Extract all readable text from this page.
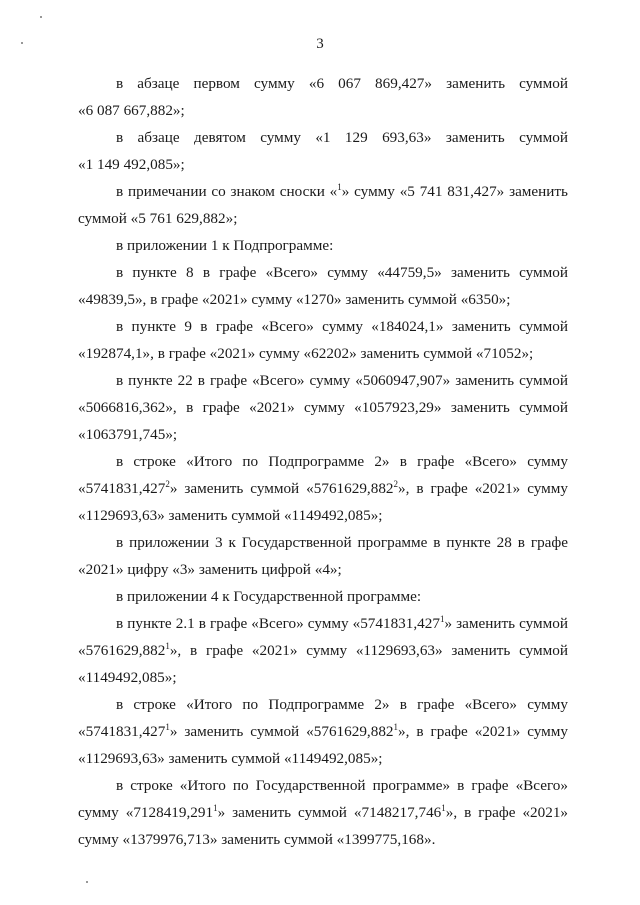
3

в абзаце первом сумму «6 067 869,427» заменить суммой
«6 087 667,882»;

в абзаце девятом сумму «1 129 693,63» заменить суммой
«1 149 492,085»;

в примечании со знаком сноски «$^1$» сумму «5 741 831,427» заменить
суммой «5 761 629,882»;

в приложении 1 к Подпрограмме:

в пункте 8 в графе «Всего» сумму «44759,5» заменить суммой
«49839,5», в графе «2021» сумму «1270» заменить суммой «6350»;

в пункте 9 в графе «Всего» сумму «184024,1» заменить суммой
«192874,1», в графе «2021» сумму «62202» заменить суммой «71052»;

в пункте 22 в графе «Всего» сумму «5060947,907» заменить суммой
«5066816,362», в графе «2021» сумму «1057923,29» заменить суммой
«1063791,745»;

в строке «Итого по Подпрограмме 2» в графе «Всего» сумму
«5741831,427$^2$» заменить суммой «5761629,882$^2$», в графе «2021» сумму
«1129693,63» заменить суммой «1149492,085»;

в приложении 3 к Государственной программе в пункте 28 в графе
«2021» цифру «3» заменить цифрой «4»;

в приложении 4 к Государственной программе:

в пункте 2.1 в графе «Всего» сумму «5741831,427$^1$» заменить суммой
«5761629,882$^1$», в графе «2021» сумму «1129693,63» заменить суммой
«1149492,085»;

в строке «Итого по Подпрограмме 2» в графе «Всего» сумму
«5741831,427$^1$» заменить суммой «5761629,882$^1$», в графе «2021» сумму
«1129693,63» заменить суммой «1149492,085»;

в строке «Итого по Государственной программе» в графе «Всего»
сумму «7128419,291$^1$» заменить суммой «7148217,746$^1$», в графе «2021»
сумму «1379976,713» заменить суммой «1399775,168».
